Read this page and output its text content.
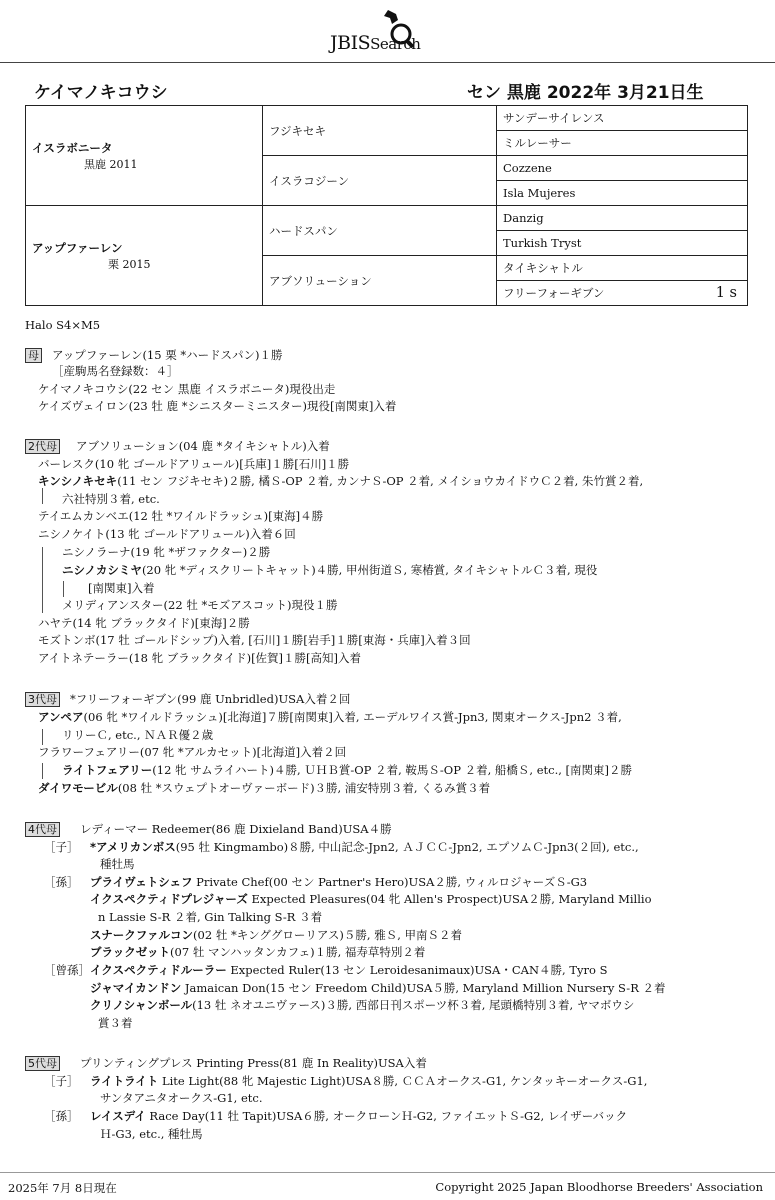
JBISSearch
ケイマノキコウシ	セン 黒鹿 2022年 3月21日生
イスラボニータ
黒鹿 2011	フジキセキ	サンデーサイレンス
		ミルレーサー
	イスラコジーン	Cozzene
		Isla Mujeres

アップファーレン
栗 2015	ハードスパン	Danzig
		Turkish Tryst
	アブソリューション	タイキシャトル
		フリーフォーギブン 1 s
Halo S4×M5
アップファーレン(15 栗 *ハードスパン)１勝
母
［産駒馬名登録数：４］
ケイマノキコウシ(22 セン 黒鹿 イスラボニータ)現役出走
ケイズヴェイロン(23 牡 鹿 *シニスターミニスター)現役[南関東]入着
アブソリューション(04 鹿 *タイキシャトル)入着
2代母
バーレスク(10 牝 ゴールドアリュール)[兵庫]１勝[石川]１勝
キンシノキセキ(11 セン フジキセキ)２勝, 橘Ｓ-OP ２着, カンナＳ-OP ２着, メイショウカイドウＣ２着, 朱竹賞２着,
六社特別３着, etc.
テイエムカンベエ(12 牡 *ワイルドラッシュ)[東海]４勝
ニシノケイト(13 牝 ゴールドアリュール)入着６回
ニシノラーナ(19 牝 *ザファクター)２勝
ニシノカシミヤ(20 牝 *ディスクリートキャット)４勝, 甲州街道Ｓ, 寒椿賞, タイキシャトルＣ３着, 現役
[南関東]入着
メリディアンスター(22 牡 *モズアスコット)現役１勝
ハヤテ(14 牝 ブラックタイド)[東海]２勝
モズトンボ(17 牡 ゴールドシップ)入着, [石川]１勝[岩手]１勝[東海・兵庫]入着３回
アイトネテーラー(18 牝 ブラックタイド)[佐賀]１勝[高知]入着
*フリーフォーギブン(99 鹿 Unbridled)USA入着２回
3代母
アンペア(06 牝 *ワイルドラッシュ)[北海道]７勝[南関東]入着, エーデルワイス賞-Jpn3, 関東オークス-Jpn2 ３着,
リリーＣ, etc., ＮＡＲ優２歳
フラワーフェアリー(07 牝 *アルカセット)[北海道]入着２回
ライトフェアリー(12 牝 サムライハート)４勝, ＵＨＢ賞-OP ２着, 鞍馬Ｓ-OP ２着, 船橋Ｓ, etc., [南関東]２勝
ダイワモービル(08 牡 *スウェプトオーヴァーボード)３勝, 浦安特別３着, くるみ賞３着
レディーマー Redeemer(86 鹿 Dixieland Band)USA４勝
4代母
*アメリカンボス(95 牡 Kingmambo)８勝, 中山記念-Jpn2, ＡＪＣＣ-Jpn2, エプソムＣ-Jpn3(２回), etc.,
［子］
種牡馬
プライヴェトシェフ Private Chef(00 セン Partner's Hero)USA２勝, ウィルロジャーズＳ-G3
［孫］
イクスペクティドプレジャーズ Expected Pleasures(04 牝 Allen's Prospect)USA２勝, Maryland Millio
n Lassie S-R ２着, Gin Talking S-R ３着
スナークファルコン(02 牡 *キンググローリアス)５勝, 雅Ｓ, 甲南Ｓ２着
ブラックゼット(07 牡 マンハッタンカフェ)１勝, 福寿草特別２着
イクスペクティドルーラー Expected Ruler(13 セン Leroidesanimaux)USA・CAN４勝, Tyro S
［曾孫］
ジャマイカンドン Jamaican Don(15 セン Freedom Child)USA５勝, Maryland Million Nursery S-R ２着
クリノシャンボール(13 牡 ネオユニヴァース)３勝, 西部日刊スポーツ杯３着, 尾頭橋特別３着, ヤマボウシ
賞３着
プリンティングプレス Printing Press(81 鹿 In Reality)USA入着
5代母
ライトライト Lite Light(88 牝 Majestic Light)USA８勝, ＣＣＡオークス-G1, ケンタッキーオークス-G1,
［子］
サンタアニタオークス-G1, etc.
レイスデイ Race Day(11 牡 Tapit)USA６勝, オークローンＨ-G2, ファイエットＳ-G2, レイザーバック
［孫］
Ｈ-G3, etc., 種牡馬
2025年 7月 8日現在	Copyright 2025 Japan Bloodhorse Breeders' Association
